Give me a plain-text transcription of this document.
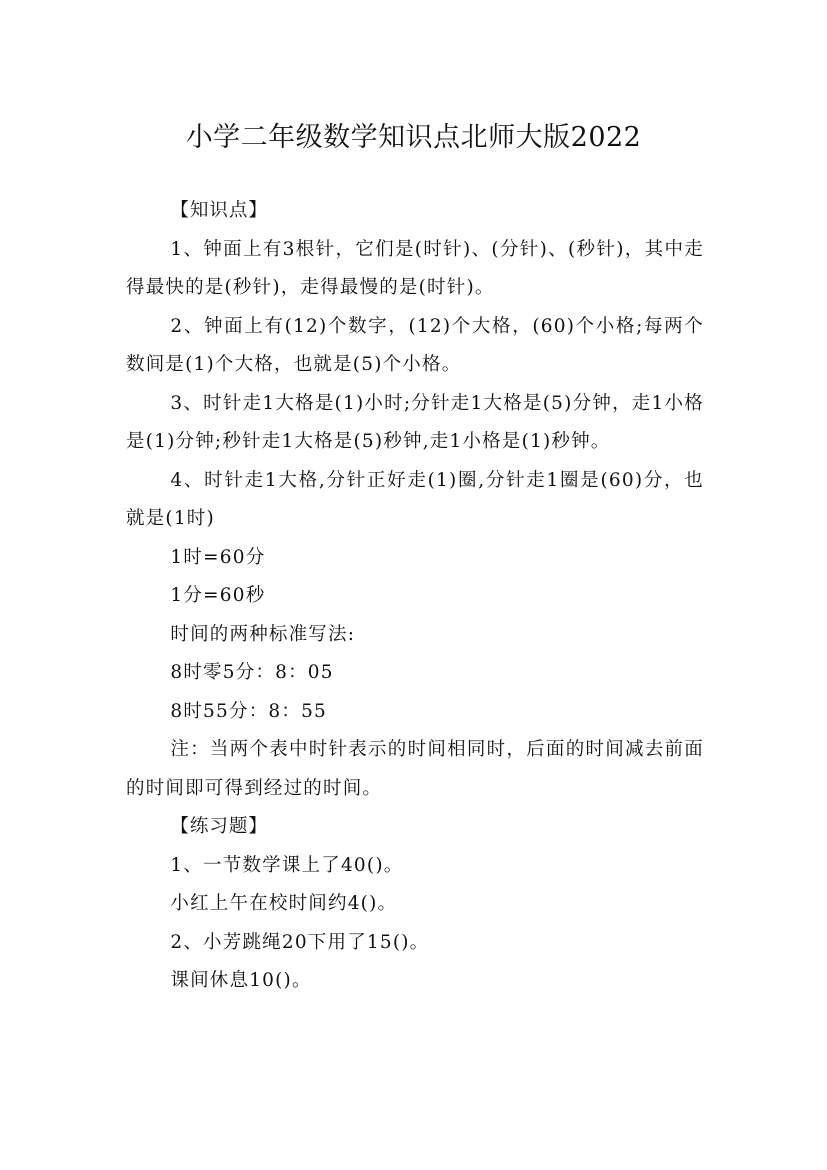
小学二年级数学知识点北师大版2022

【知识点】

1、钟面上有3根针，它们是(时针)、(分针)、(秒针)，其中走得最快的是(秒针)，走得最慢的是(时针)。

2、钟面上有(12)个数字，(12)个大格，(60)个小格;每两个数间是(1)个大格，也就是(5)个小格。

3、时针走1大格是(1)小时;分针走1大格是(5)分钟，走1小格是(1)分钟;秒针走1大格是(5)秒钟,走1小格是(1)秒钟。

4、时针走1大格,分针正好走(1)圈,分针走1圈是(60)分，也就是(1时)

1时=60分

1分=60秒

时间的两种标准写法:

8时零5分：8：05

8时55分：8：55

注：当两个表中时针表示的时间相同时，后面的时间减去前面的时间即可得到经过的时间。

【练习题】

1、一节数学课上了40()。

小红上午在校时间约4()。

2、小芳跳绳20下用了15()。

课间休息10()。
